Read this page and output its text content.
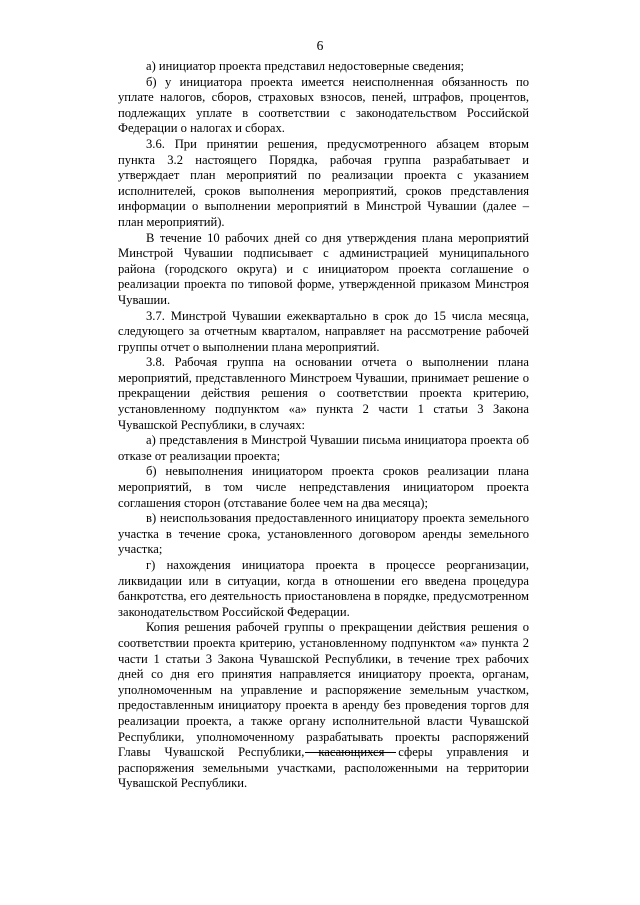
6

а) инициатор проекта представил недостоверные сведения;

б) у инициатора проекта имеется неисполненная обязанность по уплате налогов, сборов, страховых взносов, пеней, штрафов, процентов, подлежащих уплате в соответствии с законодательством Российской Федерации о налогах и сборах.

3.6. При принятии решения, предусмотренного абзацем вторым пункта 3.2 настоящего Порядка, рабочая группа разрабатывает и утверждает план мероприятий по реализации проекта с указанием исполнителей, сроков выполнения мероприятий, сроков представления информации о выполнении мероприятий в Минстрой Чувашии (далее – план мероприятий).

В течение 10 рабочих дней со дня утверждения плана мероприятий Минстрой Чувашии подписывает с администрацией муниципального района (городского округа) и с инициатором проекта соглашение о реализации проекта по типовой форме, утвержденной приказом Минстроя Чувашии.

3.7. Минстрой Чувашии ежеквартально в срок до 15 числа месяца, следующего за отчетным кварталом, направляет на рассмотрение рабочей группы отчет о выполнении плана мероприятий.

3.8. Рабочая группа на основании отчета о выполнении плана мероприятий, представленного Минстроем Чувашии, принимает решение о прекращении действия решения о соответствии проекта критерию, установленному подпунктом «а» пункта 2 части 1 статьи 3 Закона Чувашской Республики, в случаях:

а) представления в Минстрой Чувашии письма инициатора проекта об отказе от реализации проекта;

б) невыполнения инициатором проекта сроков реализации плана мероприятий, в том числе непредставления инициатором проекта соглашения сторон (отставание более чем на два месяца);

в) неиспользования предоставленного инициатору проекта земельного участка в течение срока, установленного договором аренды земельного участка;

г) нахождения инициатора проекта в процессе реорганизации, ликвидации или в ситуации, когда в отношении его введена процедура банкротства, его деятельность приостановлена в порядке, предусмотренном законодательством Российской Федерации.

Копия решения рабочей группы о прекращении действия решения о соответствии проекта критерию, установленному подпунктом «а» пункта 2 части 1 статьи 3 Закона Чувашской Республики, в течение трех рабочих дней со дня его принятия направляется инициатору проекта, органам, уполномоченным на управление и распоряжение земельным участком, предоставленным инициатору проекта в аренду без проведения торгов для реализации проекта, а также органу исполнительной власти Чувашской Республики, уполномоченному разрабатывать проекты распоряжений Главы Чувашской Республики, касающихся сферы управления и распоряжения земельными участками, расположенными на территории Чувашской Республики.
